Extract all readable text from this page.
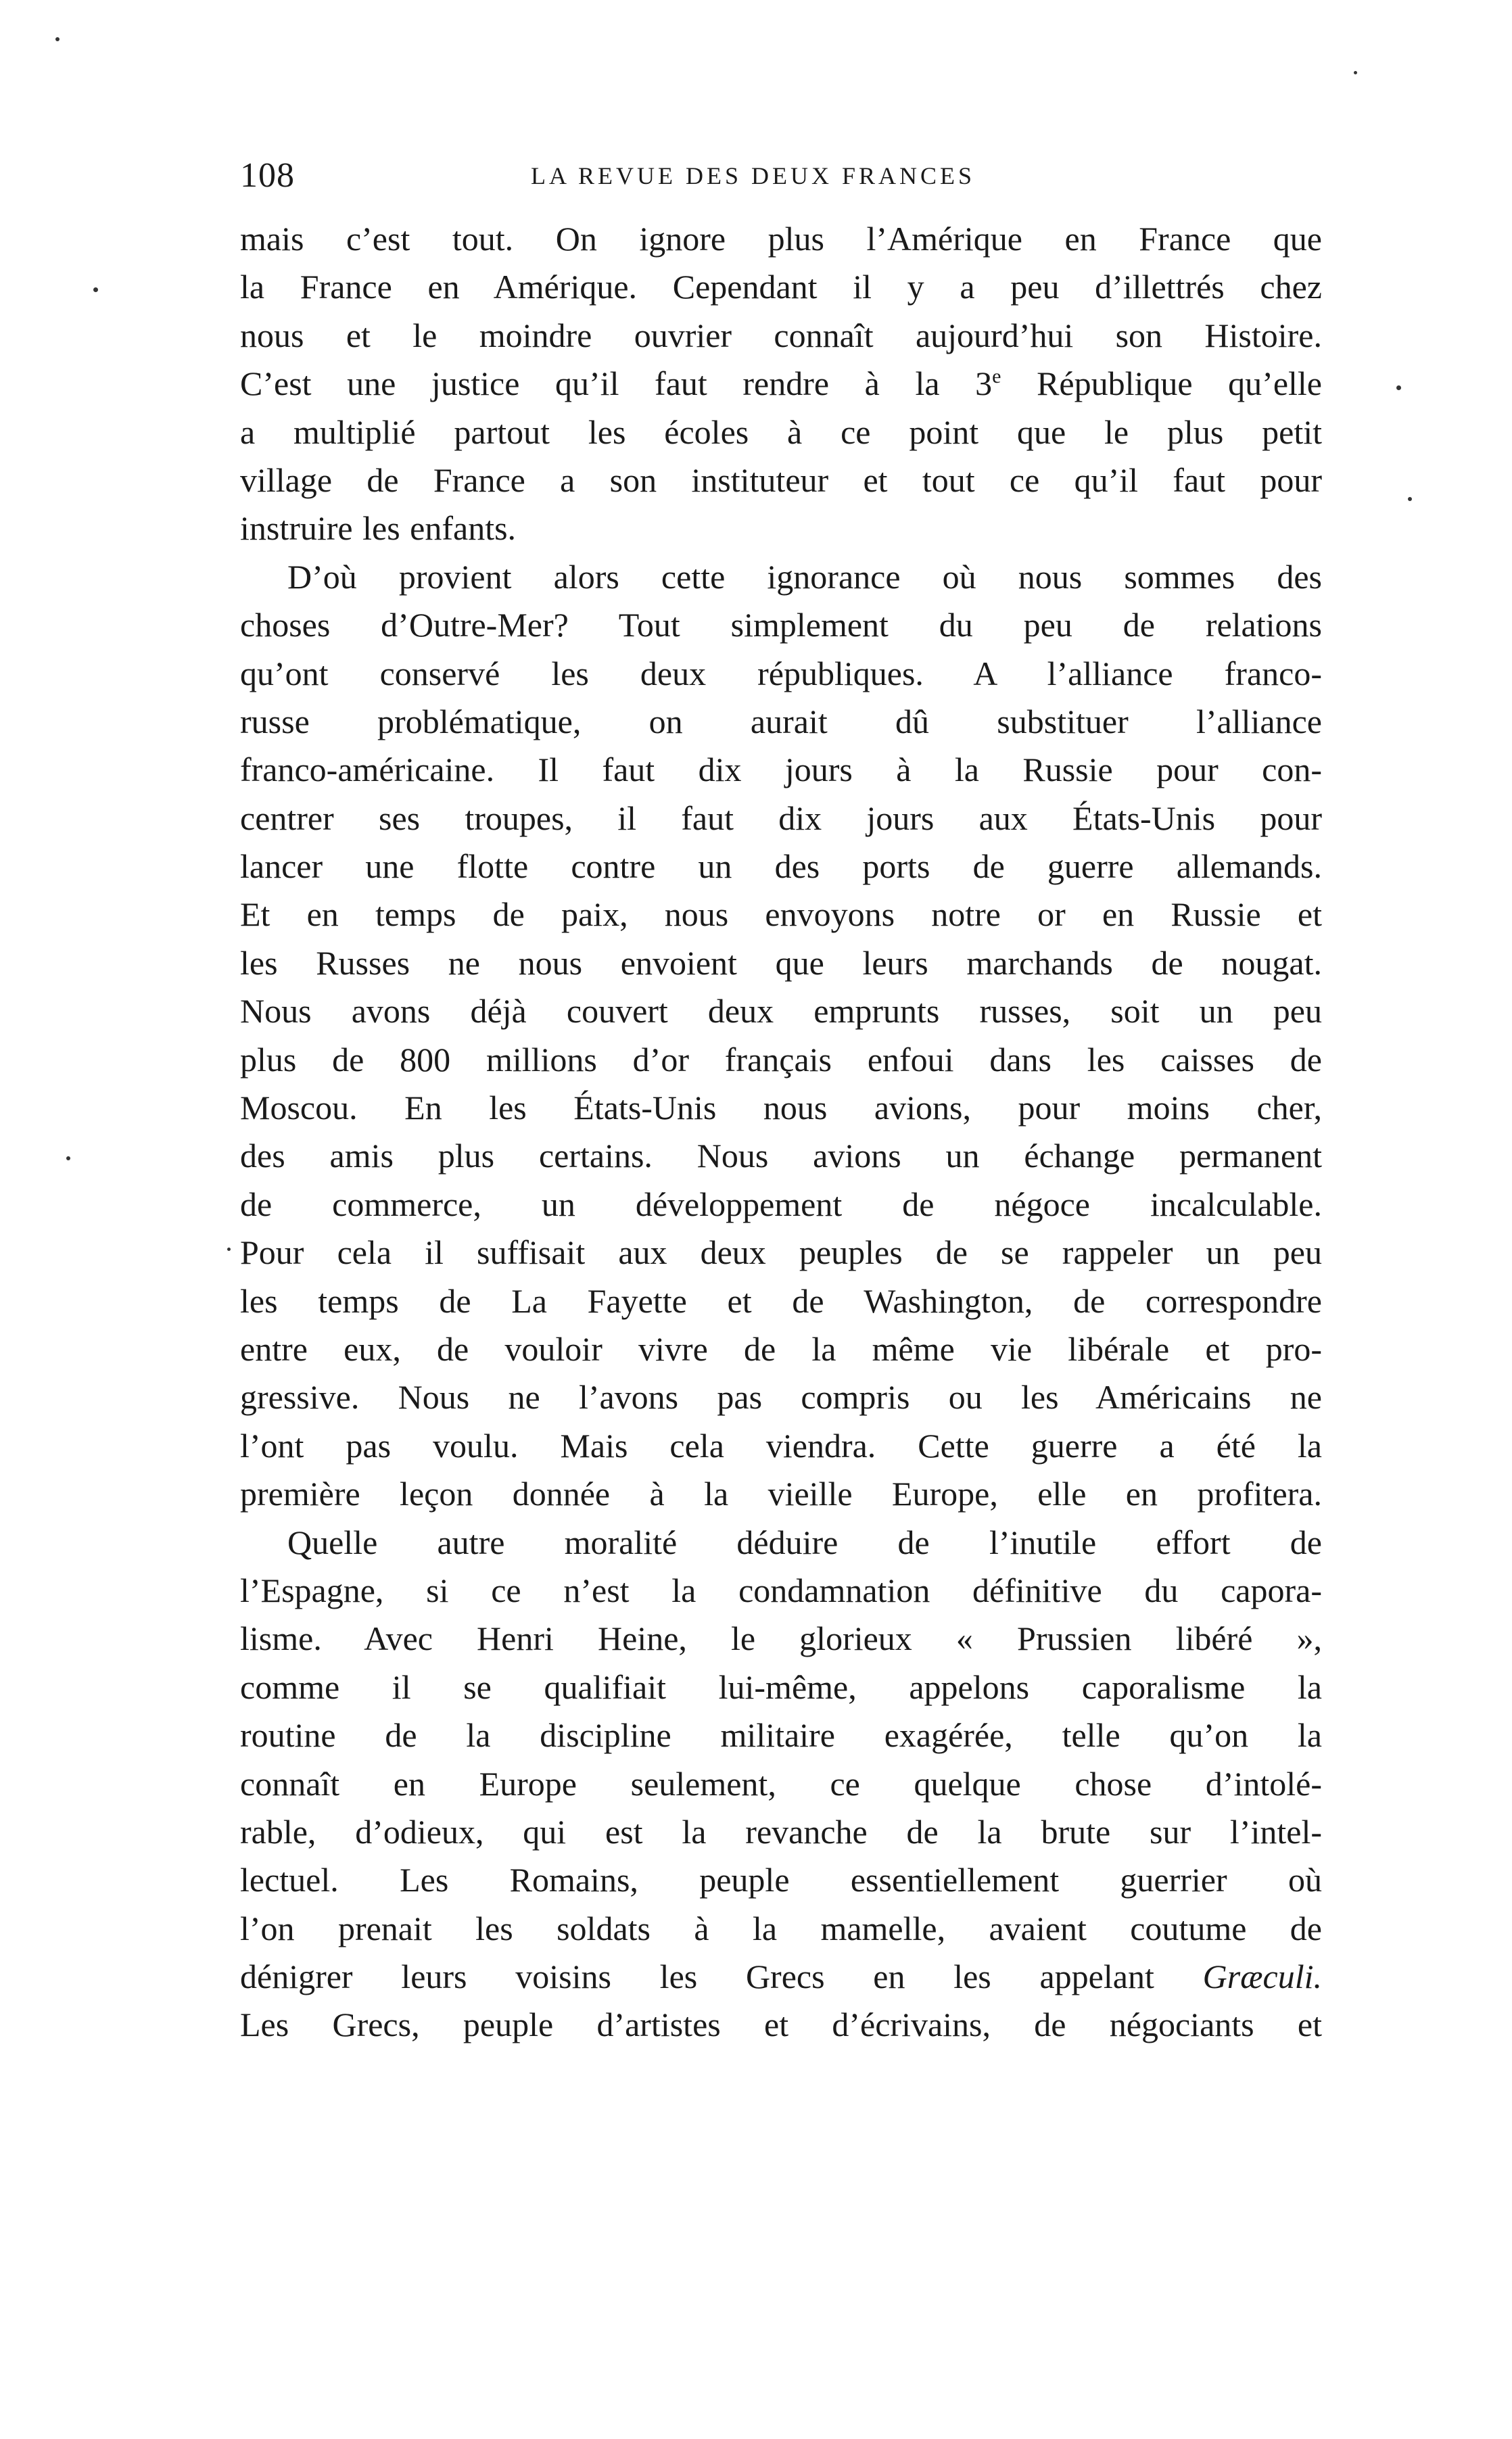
108	LA REVUE DES DEUX FRANCES
mais c’est tout. On ignore plus l’Amérique en France que
la France en Amérique. Cependant il y a peu d’illettrés chez
nous et le moindre ouvrier connaît aujourd’hui son Histoire.
C’est une justice qu’il faut rendre à la 3e République qu’elle
a multiplié partout les écoles à ce point que le plus petit
village de France a son instituteur et tout ce qu’il faut pour
instruire les enfants.
D’où provient alors cette ignorance où nous sommes des
choses d’Outre-Mer? Tout simplement du peu de relations
qu’ont conservé les deux républiques. A l’alliance franco-
russe problématique, on aurait dû substituer l’alliance
franco-américaine. Il faut dix jours à la Russie pour con-
centrer ses troupes, il faut dix jours aux États-Unis pour
lancer une flotte contre un des ports de guerre allemands.
Et en temps de paix, nous envoyons notre or en Russie et
les Russes ne nous envoient que leurs marchands de nougat.
Nous avons déjà couvert deux emprunts russes, soit un peu
plus de 800 millions d’or français enfoui dans les caisses de
Moscou. En les États-Unis nous avions, pour moins cher,
des amis plus certains. Nous avions un échange permanent
de commerce, un développement de négoce incalculable.
Pour cela il suffisait aux deux peuples de se rappeler un peu
les temps de La Fayette et de Washington, de correspondre
entre eux, de vouloir vivre de la même vie libérale et pro-
gressive. Nous ne l’avons pas compris ou les Américains ne
l’ont pas voulu. Mais cela viendra. Cette guerre a été la
première leçon donnée à la vieille Europe, elle en profitera.
Quelle autre moralité déduire de l’inutile effort de
l’Espagne, si ce n’est la condamnation définitive du capora-
lisme. Avec Henri Heine, le glorieux « Prussien libéré »,
comme il se qualifiait lui-même, appelons caporalisme la
routine de la discipline militaire exagérée, telle qu’on la
connaît en Europe seulement, ce quelque chose d’intolé-
rable, d’odieux, qui est la revanche de la brute sur l’intel-
lectuel. Les Romains, peuple essentiellement guerrier où
l’on prenait les soldats à la mamelle, avaient coutume de
dénigrer leurs voisins les Grecs en les appelant Græculi.
Les Grecs, peuple d’artistes et d’écrivains, de négociants et
